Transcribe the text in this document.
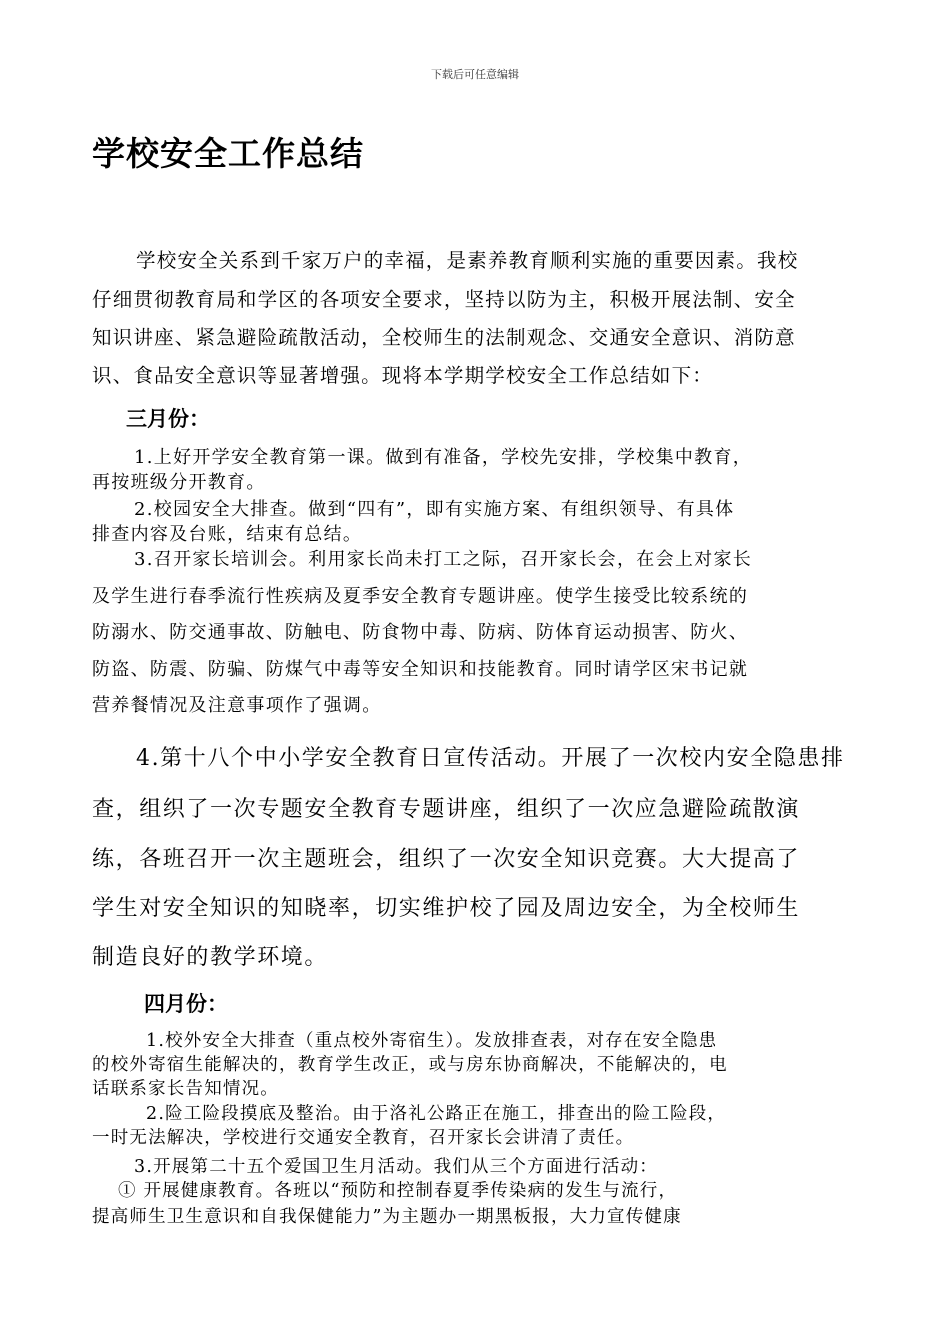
下载后可任意编辑
学校安全工作总结
学校安全关系到千家万户的幸福，是素养教育顺利实施的重要因素。我校
仔细贯彻教育局和学区的各项安全要求，坚持以防为主，积极开展法制、安全
知识讲座、紧急避险疏散活动，全校师生的法制观念、交通安全意识、消防意
识、食品安全意识等显著增强。现将本学期学校安全工作总结如下：
三月份：
1.上好开学安全教育第一课。做到有准备，学校先安排，学校集中教育，
再按班级分开教育。
2.校园安全大排查。做到“四有”，即有实施方案、有组织领导、有具体
排查内容及台账，结束有总结。
3.召开家长培训会。利用家长尚未打工之际，召开家长会，在会上对家长
及学生进行春季流行性疾病及夏季安全教育专题讲座。使学生接受比较系统的
防溺水、防交通事故、防触电、防食物中毒、防病、防体育运动损害、防火、
防盗、防震、防骗、防煤气中毒等安全知识和技能教育。同时请学区宋书记就
营养餐情况及注意事项作了强调。
4.第十八个中小学安全教育日宣传活动。开展了一次校内安全隐患排
查，组织了一次专题安全教育专题讲座，组织了一次应急避险疏散演
练，各班召开一次主题班会，组织了一次安全知识竞赛。大大提高了
学生对安全知识的知晓率，切实维护校了园及周边安全，为全校师生
制造良好的教学环境。
四月份：
1.校外安全大排查（重点校外寄宿生）。发放排查表，对存在安全隐患
的校外寄宿生能解决的，教育学生改正，或与房东协商解决，不能解决的，电
话联系家长告知情况。
2.险工险段摸底及整治。由于洛礼公路正在施工，排查出的险工险段，
一时无法解决，学校进行交通安全教育，召开家长会讲清了责任。
3.开展第二十五个爱国卫生月活动。我们从三个方面进行活动：
① 开展健康教育。各班以“预防和控制春夏季传染病的发生与流行，
提高师生卫生意识和自我保健能力”为主题办一期黑板报，大力宣传健康
